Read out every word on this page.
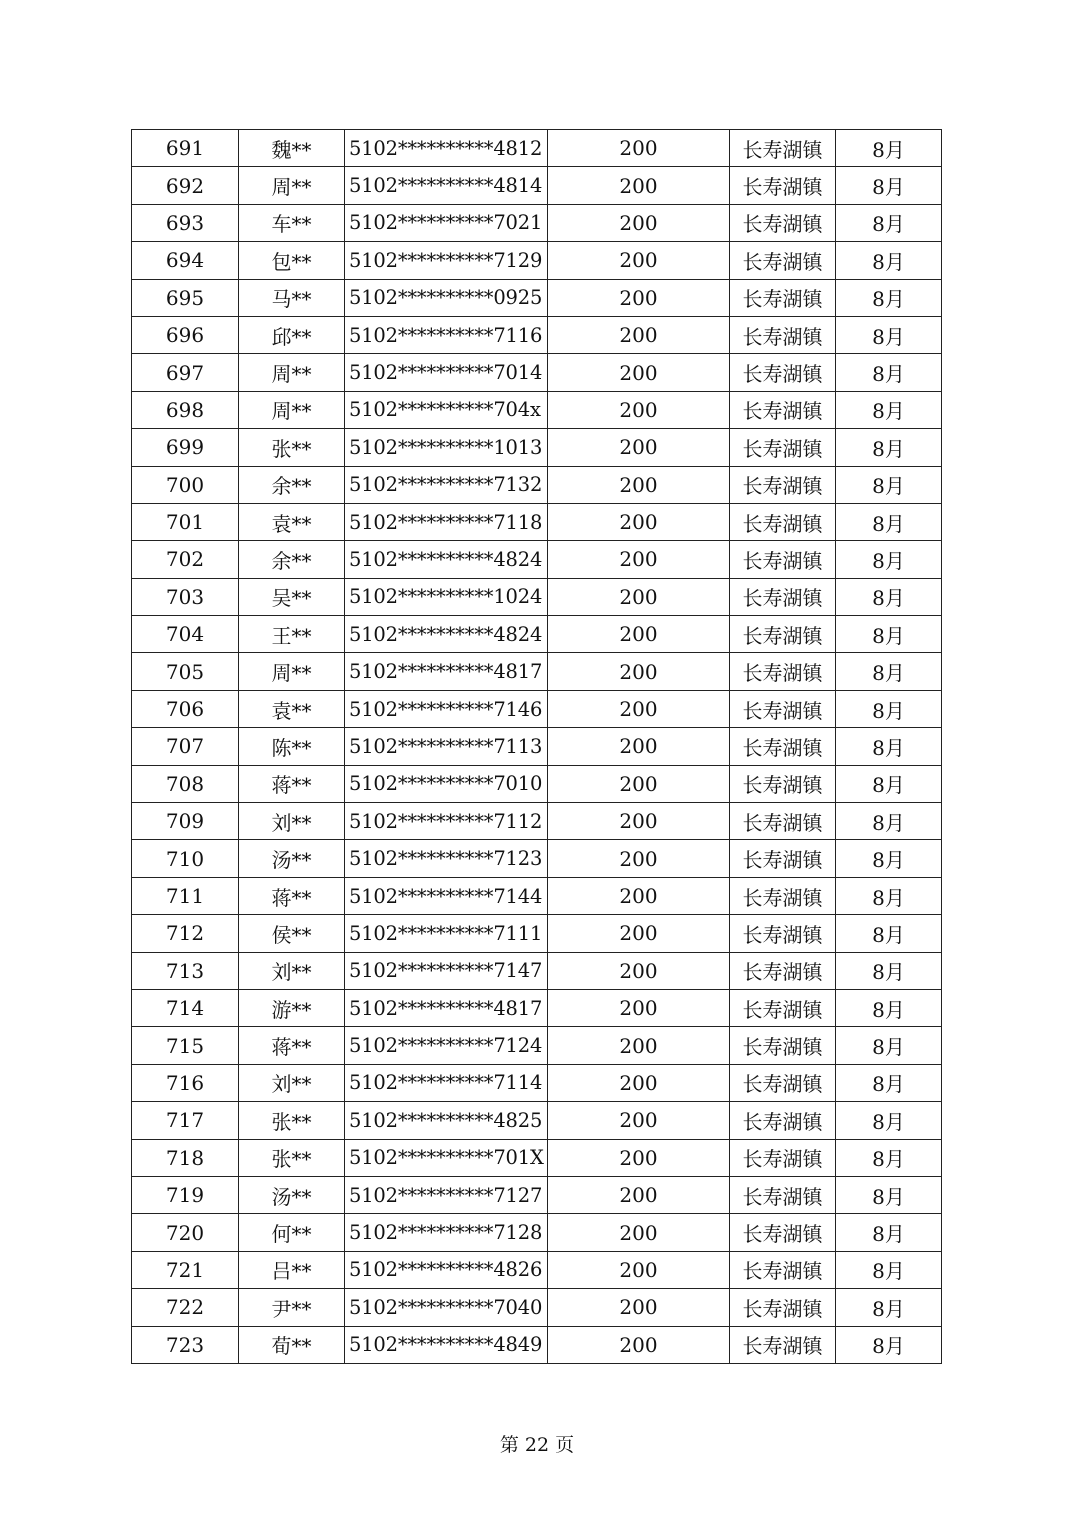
691	魏**	5102**********4812	200	长寿湖镇	8月
692	周**	5102**********4814	200	长寿湖镇	8月
693	车**	5102**********7021	200	长寿湖镇	8月
694	包**	5102**********7129	200	长寿湖镇	8月
695	马**	5102**********0925	200	长寿湖镇	8月
696	邱**	5102**********7116	200	长寿湖镇	8月
697	周**	5102**********7014	200	长寿湖镇	8月
698	周**	5102**********704x	200	长寿湖镇	8月
699	张**	5102**********1013	200	长寿湖镇	8月
700	余**	5102**********7132	200	长寿湖镇	8月
701	袁**	5102**********7118	200	长寿湖镇	8月
702	余**	5102**********4824	200	长寿湖镇	8月
703	吴**	5102**********1024	200	长寿湖镇	8月
704	王**	5102**********4824	200	长寿湖镇	8月
705	周**	5102**********4817	200	长寿湖镇	8月
706	袁**	5102**********7146	200	长寿湖镇	8月
707	陈**	5102**********7113	200	长寿湖镇	8月
708	蒋**	5102**********7010	200	长寿湖镇	8月
709	刘**	5102**********7112	200	长寿湖镇	8月
710	汤**	5102**********7123	200	长寿湖镇	8月
711	蒋**	5102**********7144	200	长寿湖镇	8月
712	侯**	5102**********7111	200	长寿湖镇	8月
713	刘**	5102**********7147	200	长寿湖镇	8月
714	游**	5102**********4817	200	长寿湖镇	8月
715	蒋**	5102**********7124	200	长寿湖镇	8月
716	刘**	5102**********7114	200	长寿湖镇	8月
717	张**	5102**********4825	200	长寿湖镇	8月
718	张**	5102**********701X	200	长寿湖镇	8月
719	汤**	5102**********7127	200	长寿湖镇	8月
720	何**	5102**********7128	200	长寿湖镇	8月
721	吕**	5102**********4826	200	长寿湖镇	8月
722	尹**	5102**********7040	200	长寿湖镇	8月
723	荀**	5102**********4849	200	长寿湖镇	8月
第 22 页
